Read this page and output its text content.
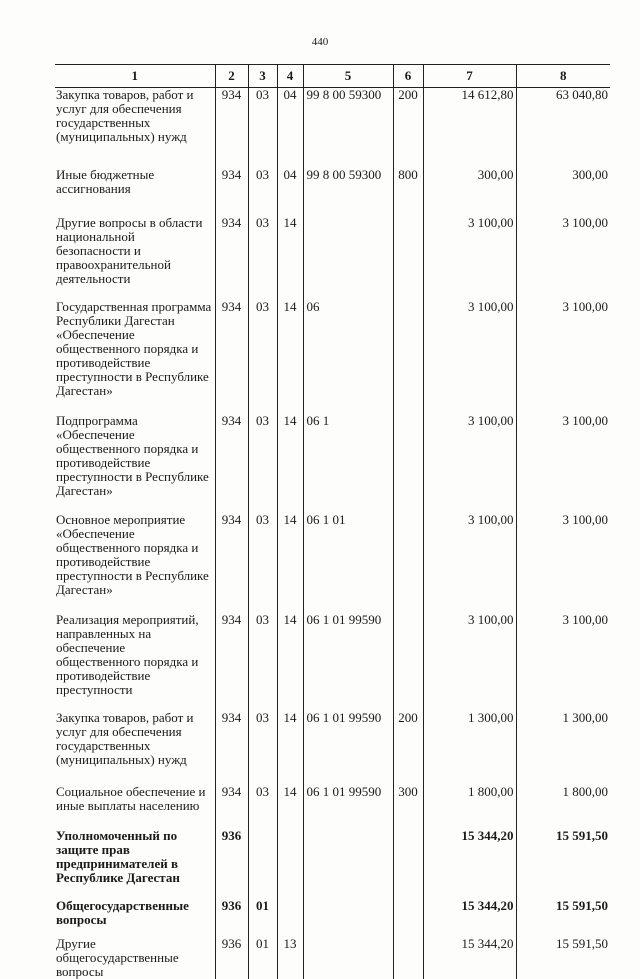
440
1	2	3	4	5	6	7	8
Закупка товаров, работ и услуг для обеспечения государственных (муниципальных) нужд	934	03	04	99 8 00 59300	200	14 612,80	63 040,80
Иные бюджетные ассигнования	934	03	04	99 8 00 59300	800	300,00	300,00
Другие вопросы в области национальной безопасности и правоохранительной деятельности	934	03	14			3 100,00	3 100,00
Государственная программа Республики Дагестан «Обеспечение общественного порядка и противодействие преступности в Республике Дагестан»	934	03	14	06		3 100,00	3 100,00
Подпрограмма «Обеспечение общественного порядка и противодействие преступности в Республике Дагестан»	934	03	14	06 1		3 100,00	3 100,00
Основное мероприятие «Обеспечение общественного порядка и противодействие преступности в Республике Дагестан»	934	03	14	06 1 01		3 100,00	3 100,00
Реализация мероприятий, направленных на обеспечение общественного порядка и противодействие преступности	934	03	14	06 1 01 99590		3 100,00	3 100,00
Закупка товаров, работ и услуг для обеспечения государственных (муниципальных) нужд	934	03	14	06 1 01 99590	200	1 300,00	1 300,00
Социальное обеспечение и иные выплаты населению	934	03	14	06 1 01 99590	300	1 800,00	1 800,00
Уполномоченный по защите прав предпринимателей в Республике Дагестан	936					15 344,20	15 591,50
Общегосударственные вопросы	936	01				15 344,20	15 591,50
Другие общегосударственные вопросы	936	01	13			15 344,20	15 591,50
